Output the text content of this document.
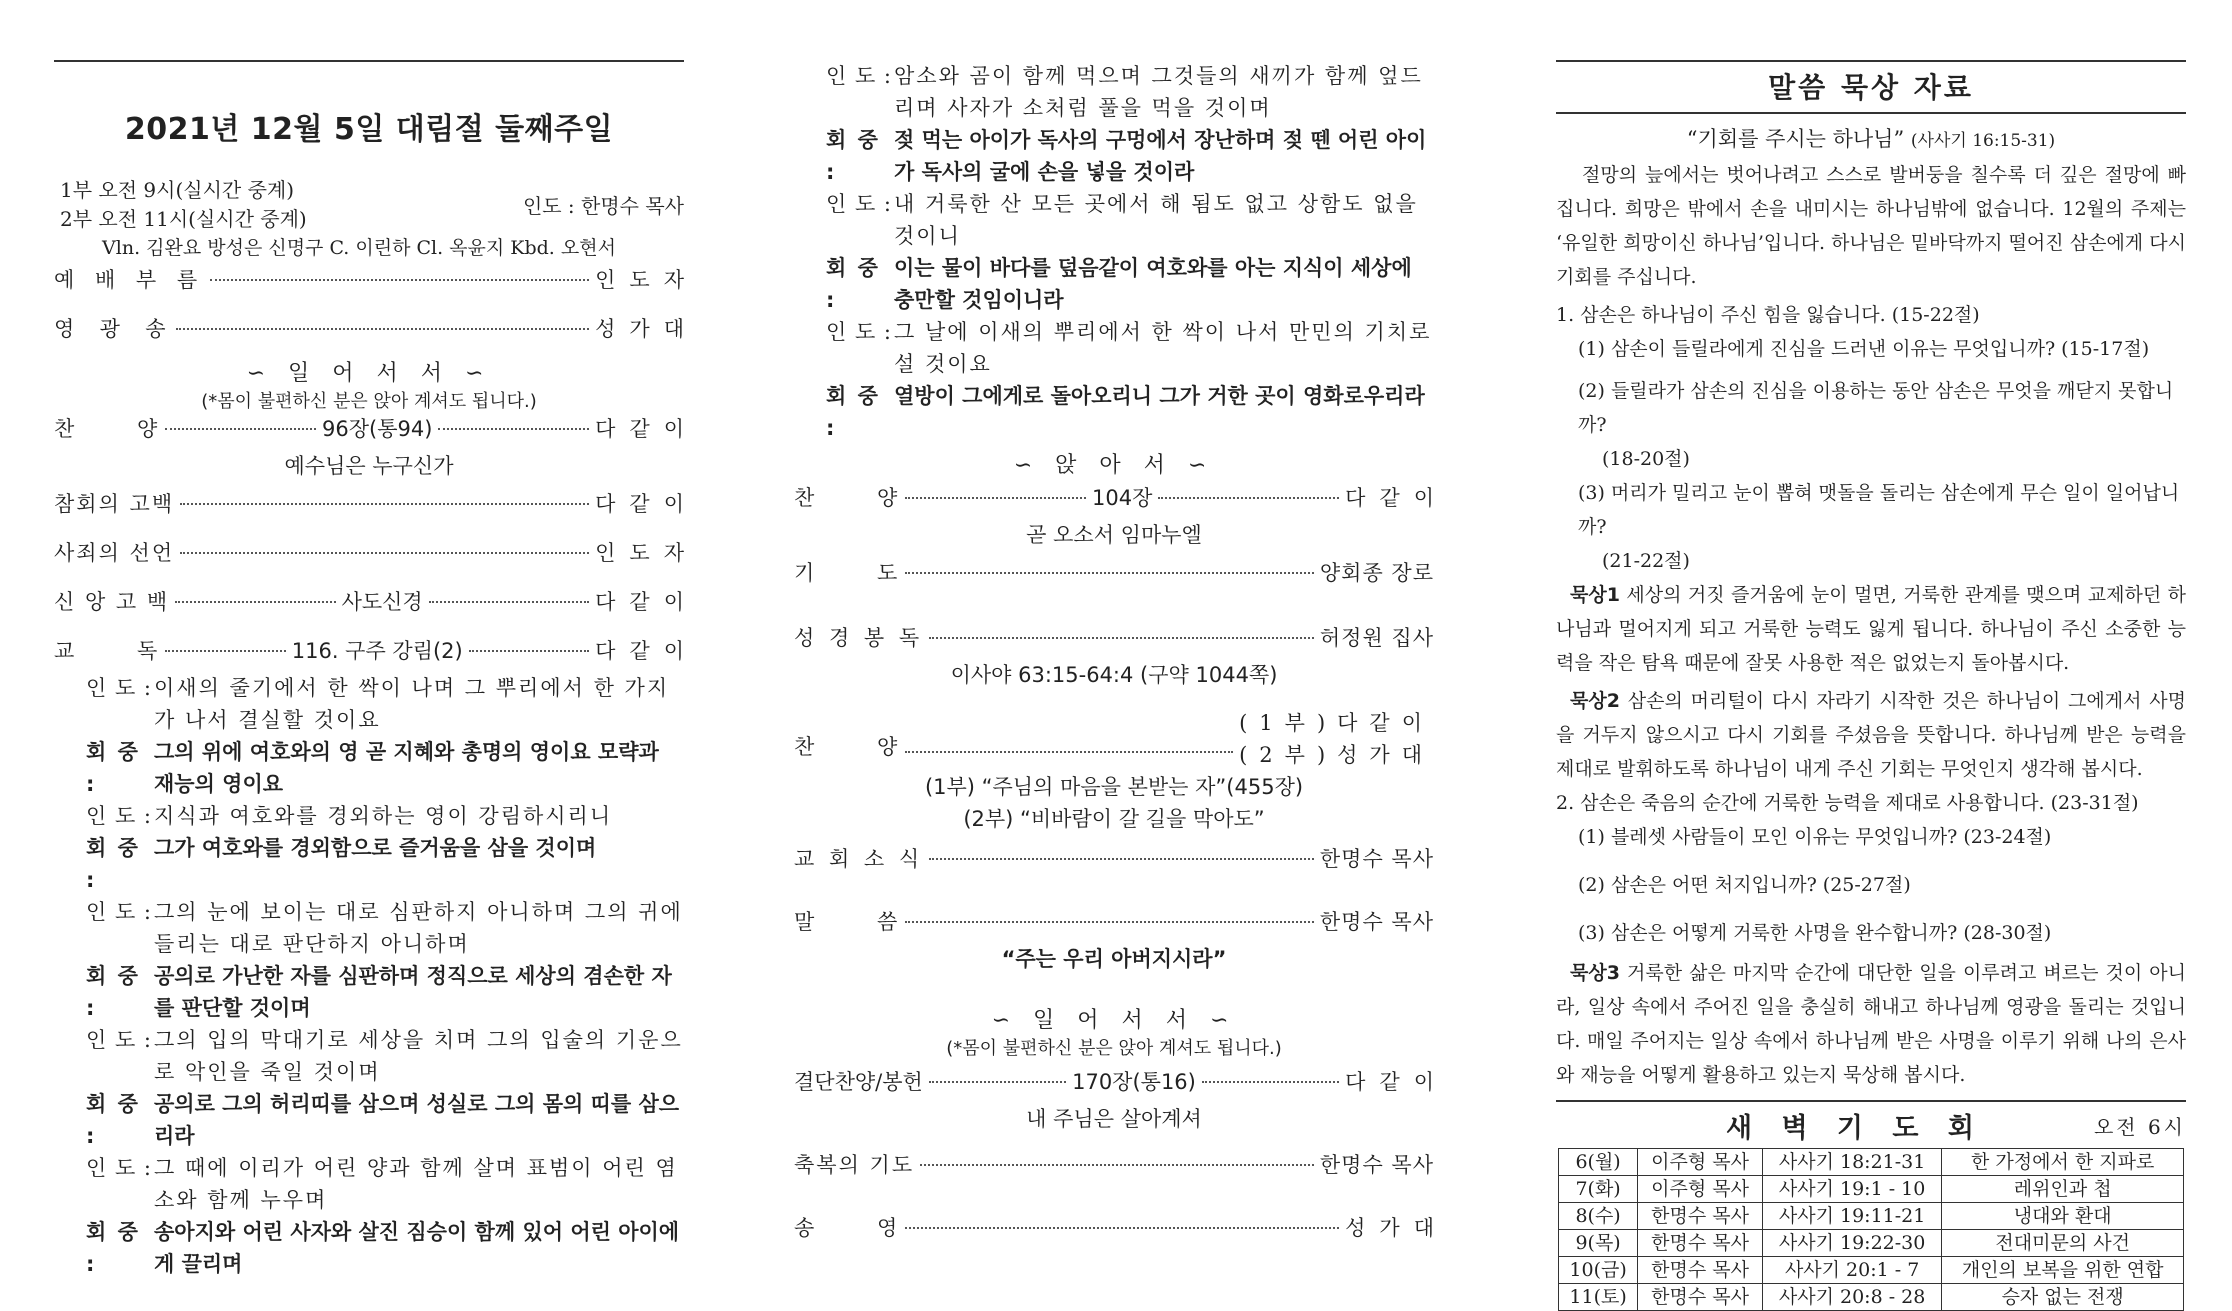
2021년 12월 5일 대림절 둘째주일
1부 오전 9시(실시간 중계)
2부 오전 11시(실시간 중계)
인도 : 한명수 목사
Vln. 김완요 방성은 신명구 C. 이린하 Cl. 옥윤지 Kbd. 오현서
예 배 부 름	인도자
영  광  송	성가대
∽ 일 어 서 서 ∽
(*몸이 불편하신 분은 앉아 계셔도 됩니다.)
찬       양	96장(통94)	다같이
예수님은 누구신가
참회의 고백	다같이
사죄의 선언	인도자
신 앙 고 백	사도신경	다같이
교       독	116. 구주 강림(2)	다같이
인 도 : 이새의 줄기에서 한 싹이 나며 그 뿌리에서 한 가지가 나서 결실할 것이요
회 중 :
그의 위에 여호와의 영 곧 지혜와 총명의 영이요 모략과 재능의 영이요
인 도 : 지식과 여호와를 경외하는 영이 강림하시리니
회 중 :
그가 여호와를 경외함으로 즐거움을 삼을 것이며
인 도 : 그의 눈에 보이는 대로 심판하지 아니하며 그의 귀에 들리는 대로 판단하지 아니하며
회 중 :
공의로 가난한 자를 심판하며 정직으로 세상의 겸손한 자를 판단할 것이며
인 도 : 그의 입의 막대기로 세상을 치며 그의 입술의 기운으로 악인을 죽일 것이며
회 중 :
공의로 그의 허리띠를 삼으며 성실로 그의 몸의 띠를 삼으리라
인 도 : 그 때에 이리가 어린 양과 함께 살며 표범이 어린 염소와 함께 누우며
회 중 :
송아지와 어린 사자와 살진 짐승이 함께 있어 어린 아이에게 끌리며
인 도 : 암소와 곰이 함께 먹으며 그것들의 새끼가 함께 엎드리며 사자가 소처럼 풀을 먹을 것이며
회 중 :
젖 먹는 아이가 독사의 구멍에서 장난하며 젖 뗀 어린 아이가 독사의 굴에 손을 넣을 것이라
인 도 : 내 거룩한 산 모든 곳에서 해 됨도 없고 상함도 없을 것이니
회 중 :
이는 물이 바다를 덮음같이 여호와를 아는 지식이 세상에 충만할 것임이니라
인 도 : 그 날에 이새의 뿌리에서 한 싹이 나서 만민의 기치로 설 것이요
회 중 :
열방이 그에게로 돌아오리니 그가 거한 곳이 영화로우리라
∽ 앉 아 서 ∽
찬       양	104장	다같이
곧 오소서 임마누엘
기       도	양회종 장로
성 경 봉 독	허정원 집사
이사야 63:15-64:4 (구약 1044쪽)
찬       양
(1부)다같이
(2부)성가대
(1부) “주님의 마음을 본받는 자”(455장)
(2부) “비바람이 갈 길을 막아도”
교 회 소 식	한명수 목사
말       씀	한명수 목사
“주는 우리 아버지시라”
∽ 일 어 서 서 ∽
(*몸이 불편하신 분은 앉아 계셔도 됩니다.)
결단찬양/봉헌	170장(통16)	다같이
내 주님은 살아계셔
축복의 기도	한명수 목사
송       영	성가대
말씀 묵상 자료
“기회를 주시는 하나님” (사사기 16:15-31)
절망의 늪에서는 벗어나려고 스스로 발버둥을 칠수록 더 깊은 절망에 빠집니다. 희망은 밖에서 손을 내미시는 하나님밖에 없습니다. 12월의 주제는 ‘유일한 희망이신 하나님’입니다. 하나님은 밑바닥까지 떨어진 삼손에게 다시 기회를 주십니다.
1. 삼손은 하나님이 주신 힘을 잃습니다. (15-22절)
(1) 삼손이 들릴라에게 진심을 드러낸 이유는 무엇입니까? (15-17절)
(2) 들릴라가 삼손의 진심을 이용하는 동안 삼손은 무엇을 깨닫지 못합니까?
(18-20절)
(3) 머리가 밀리고 눈이 뽑혀 맷돌을 돌리는 삼손에게 무슨 일이 일어납니까?
(21-22절)
묵상1 세상의 거짓 즐거움에 눈이 멀면, 거룩한 관계를 맺으며 교제하던 하나님과 멀어지게 되고 거룩한 능력도 잃게 됩니다. 하나님이 주신 소중한 능력을 작은 탐욕 때문에 잘못 사용한 적은 없었는지 돌아봅시다.
묵상2 삼손의 머리털이 다시 자라기 시작한 것은 하나님이 그에게서 사명을 거두지 않으시고 다시 기회를 주셨음을 뜻합니다. 하나님께 받은 능력을 제대로 발휘하도록 하나님이 내게 주신 기회는 무엇인지 생각해 봅시다.
2. 삼손은 죽음의 순간에 거룩한 능력을 제대로 사용합니다. (23-31절)
(1) 블레셋 사람들이 모인 이유는 무엇입니까? (23-24절)
(2) 삼손은 어떤 처지입니까? (25-27절)
(3) 삼손은 어떻게 거룩한 사명을 완수합니까? (28-30절)
묵상3 거룩한 삶은 마지막 순간에 대단한 일을 이루려고 벼르는 것이 아니라, 일상 속에서 주어진 일을 충실히 해내고 하나님께 영광을 돌리는 것입니다. 매일 주어지는 일상 속에서 하나님께 받은 사명을 이루기 위해 나의 은사와 재능을 어떻게 활용하고 있는지 묵상해 봅시다.
새 벽 기 도 회	오전 6시
6(월)	이주형 목사	사사기 18:21-31	한 가정에서 한 지파로
7(화)	이주형 목사	사사기 19:1 - 10	레위인과 첩
8(수)	한명수 목사	사사기 19:11-21	냉대와 환대
9(목)	한명수 목사	사사기 19:22-30	전대미문의 사건
10(금)	한명수 목사	사사기 20:1 - 7	개인의 보복을 위한 연합
11(토)	한명수 목사	사사기 20:8 - 28	승자 없는 전쟁
